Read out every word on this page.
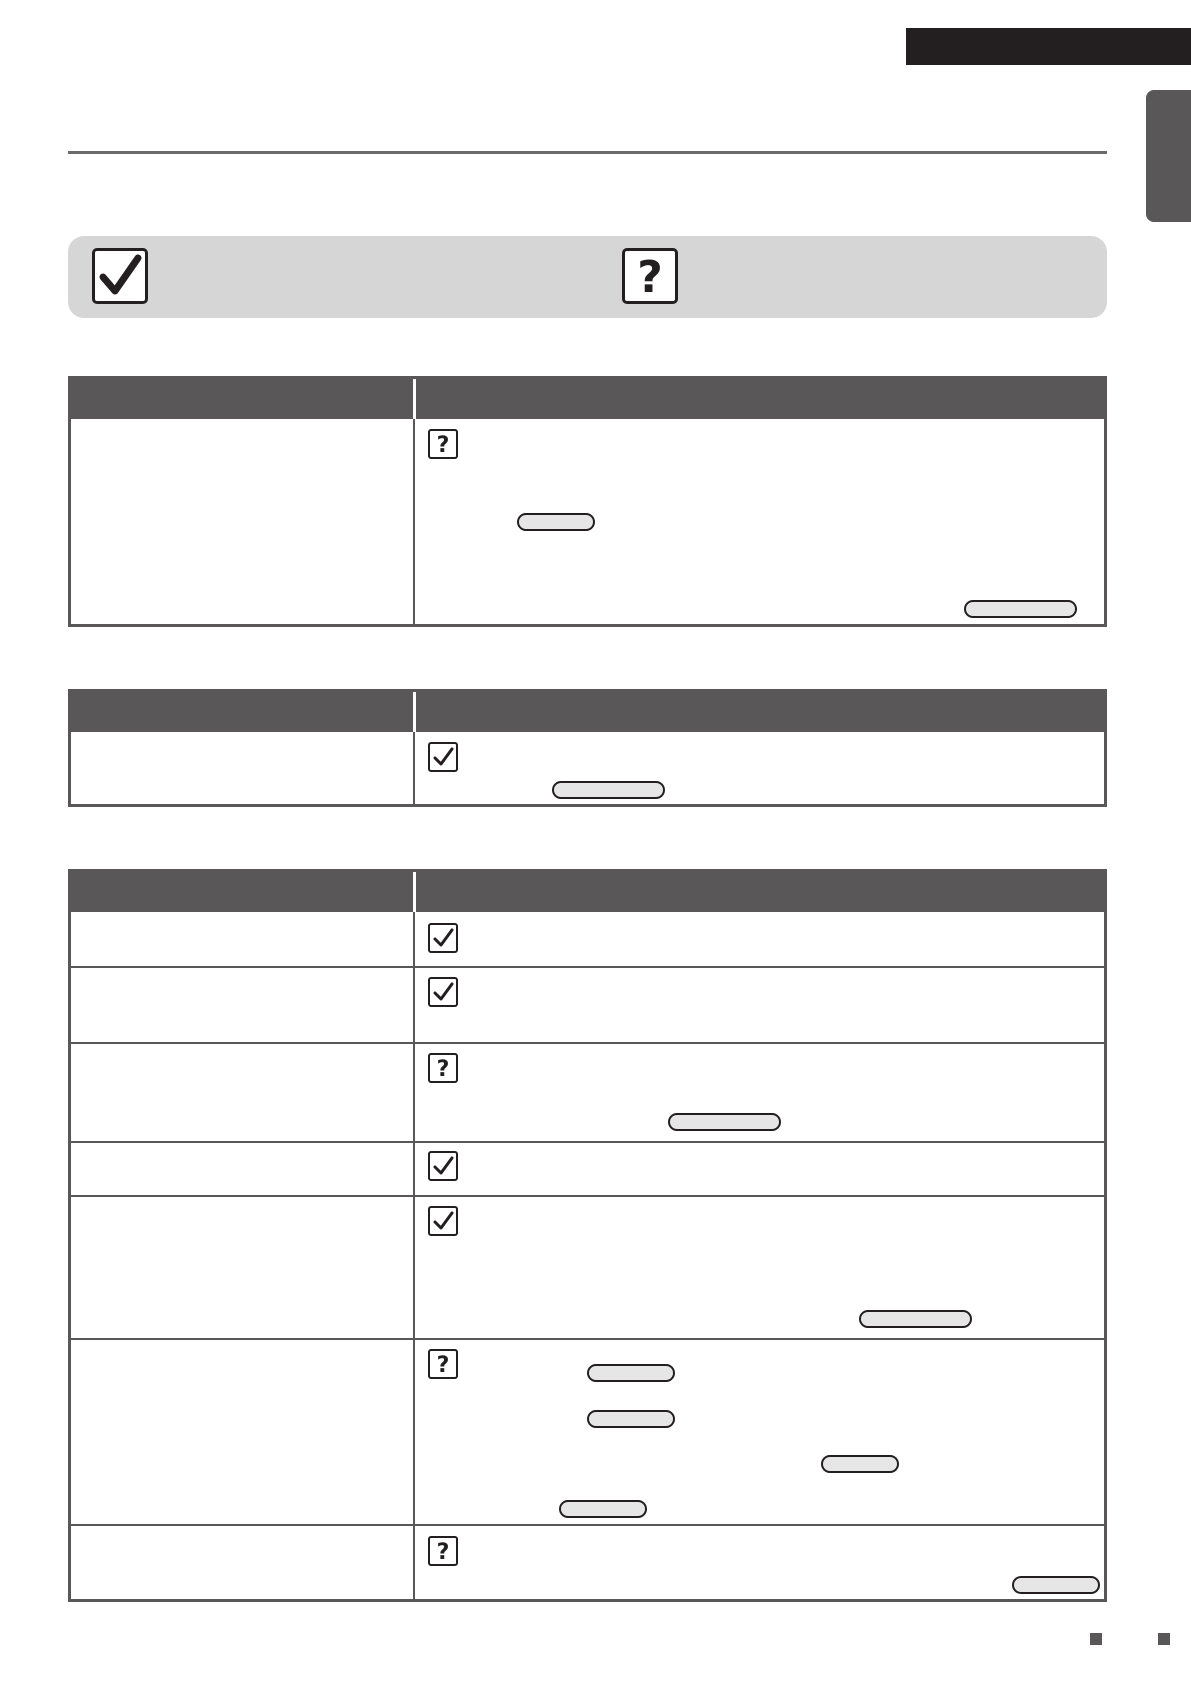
?
?
?
?
?
